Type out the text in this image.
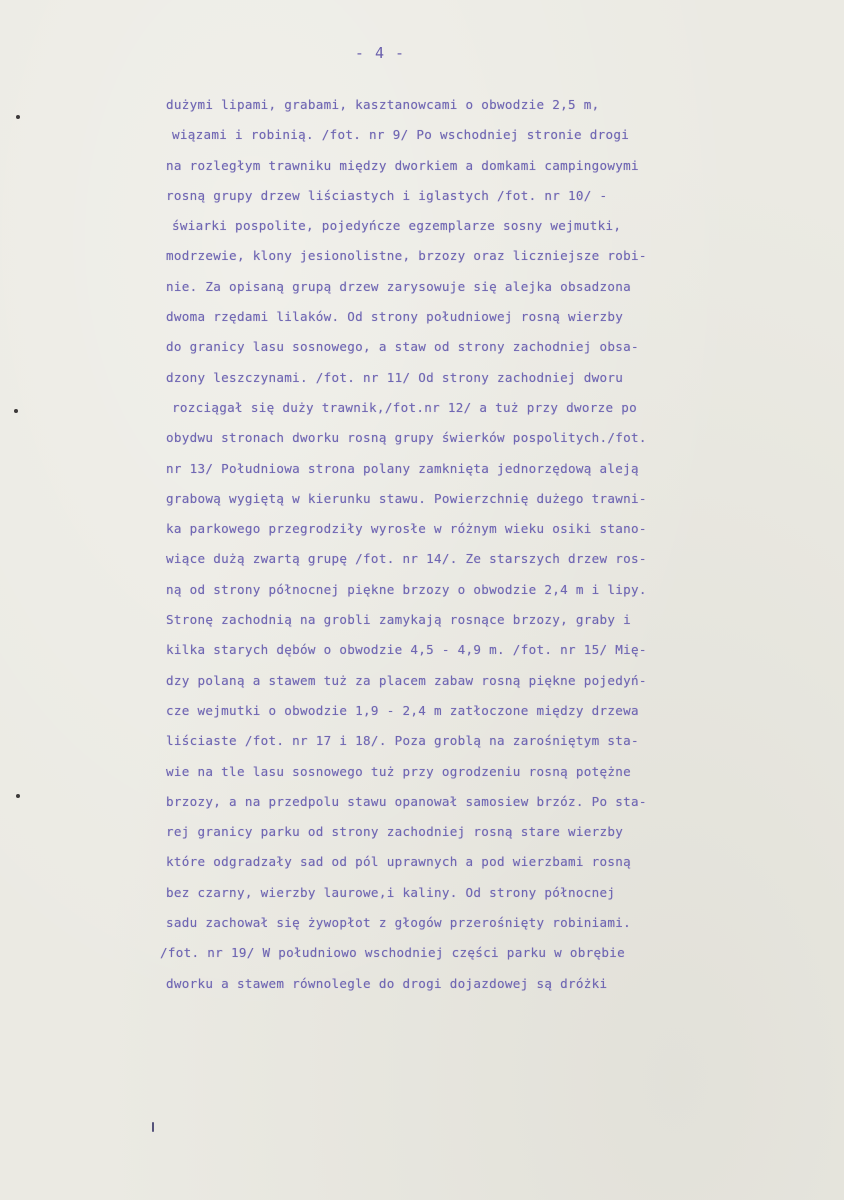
- 4 -
dużymi lipami, grabami, kasztanowcami o obwodzie 2,5 m,
wiązami i robinią. /fot. nr 9/ Po wschodniej stronie drogi
na rozległym trawniku między dworkiem a domkami campingowymi
rosną grupy drzew liściastych i iglastych /fot. nr 10/ -
świarki pospolite, pojedyńcze egzemplarze sosny wejmutki,
modrzewie, klony jesionolistne, brzozy oraz liczniejsze robi-
nie. Za opisaną grupą drzew zarysowuje się alejka obsadzona
dwoma rzędami lilaków. Od strony południowej rosną wierzby
do granicy lasu sosnowego, a staw od strony zachodniej obsa-
dzony leszczynami. /fot. nr 11/ Od strony zachodniej dworu
rozciągał się duży trawnik,/fot.nr 12/ a tuż przy dworze po
obydwu stronach dworku rosną grupy świerków pospolitych./fot.
nr 13/ Południowa strona polany zamknięta jednorzędową aleją
grabową wygiętą w kierunku stawu. Powierzchnię dużego trawni-
ka parkowego przegrodziły wyrosłe w różnym wieku osiki stano-
wiące dużą zwartą grupę /fot. nr 14/. Ze starszych drzew ros-
ną od strony północnej piękne brzozy o obwodzie 2,4 m i lipy.
Stronę zachodnią na grobli zamykają rosnące brzozy, graby i
kilka starych dębów o obwodzie 4,5 - 4,9 m. /fot. nr 15/ Mię-
dzy polaną a stawem tuż za placem zabaw rosną piękne pojedyń-
cze wejmutki o obwodzie 1,9 - 2,4 m zatłoczone między drzewa
liściaste /fot. nr 17 i 18/. Poza groblą na zarośniętym sta-
wie na tle lasu sosnowego tuż przy ogrodzeniu rosną potężne
brzozy, a na przedpolu stawu opanował samosiew brzóz. Po sta-
rej granicy parku od strony zachodniej rosną stare wierzby
które odgradzały sad od pól uprawnych a pod wierzbami rosną
bez czarny, wierzby laurowe,i kaliny. Od strony północnej
sadu zachował się żywopłot z głogów przerośnięty robiniami.
/fot. nr 19/ W południowo wschodniej części parku w obrębie
dworku a stawem równolegle do drogi dojazdowej są dróżki
